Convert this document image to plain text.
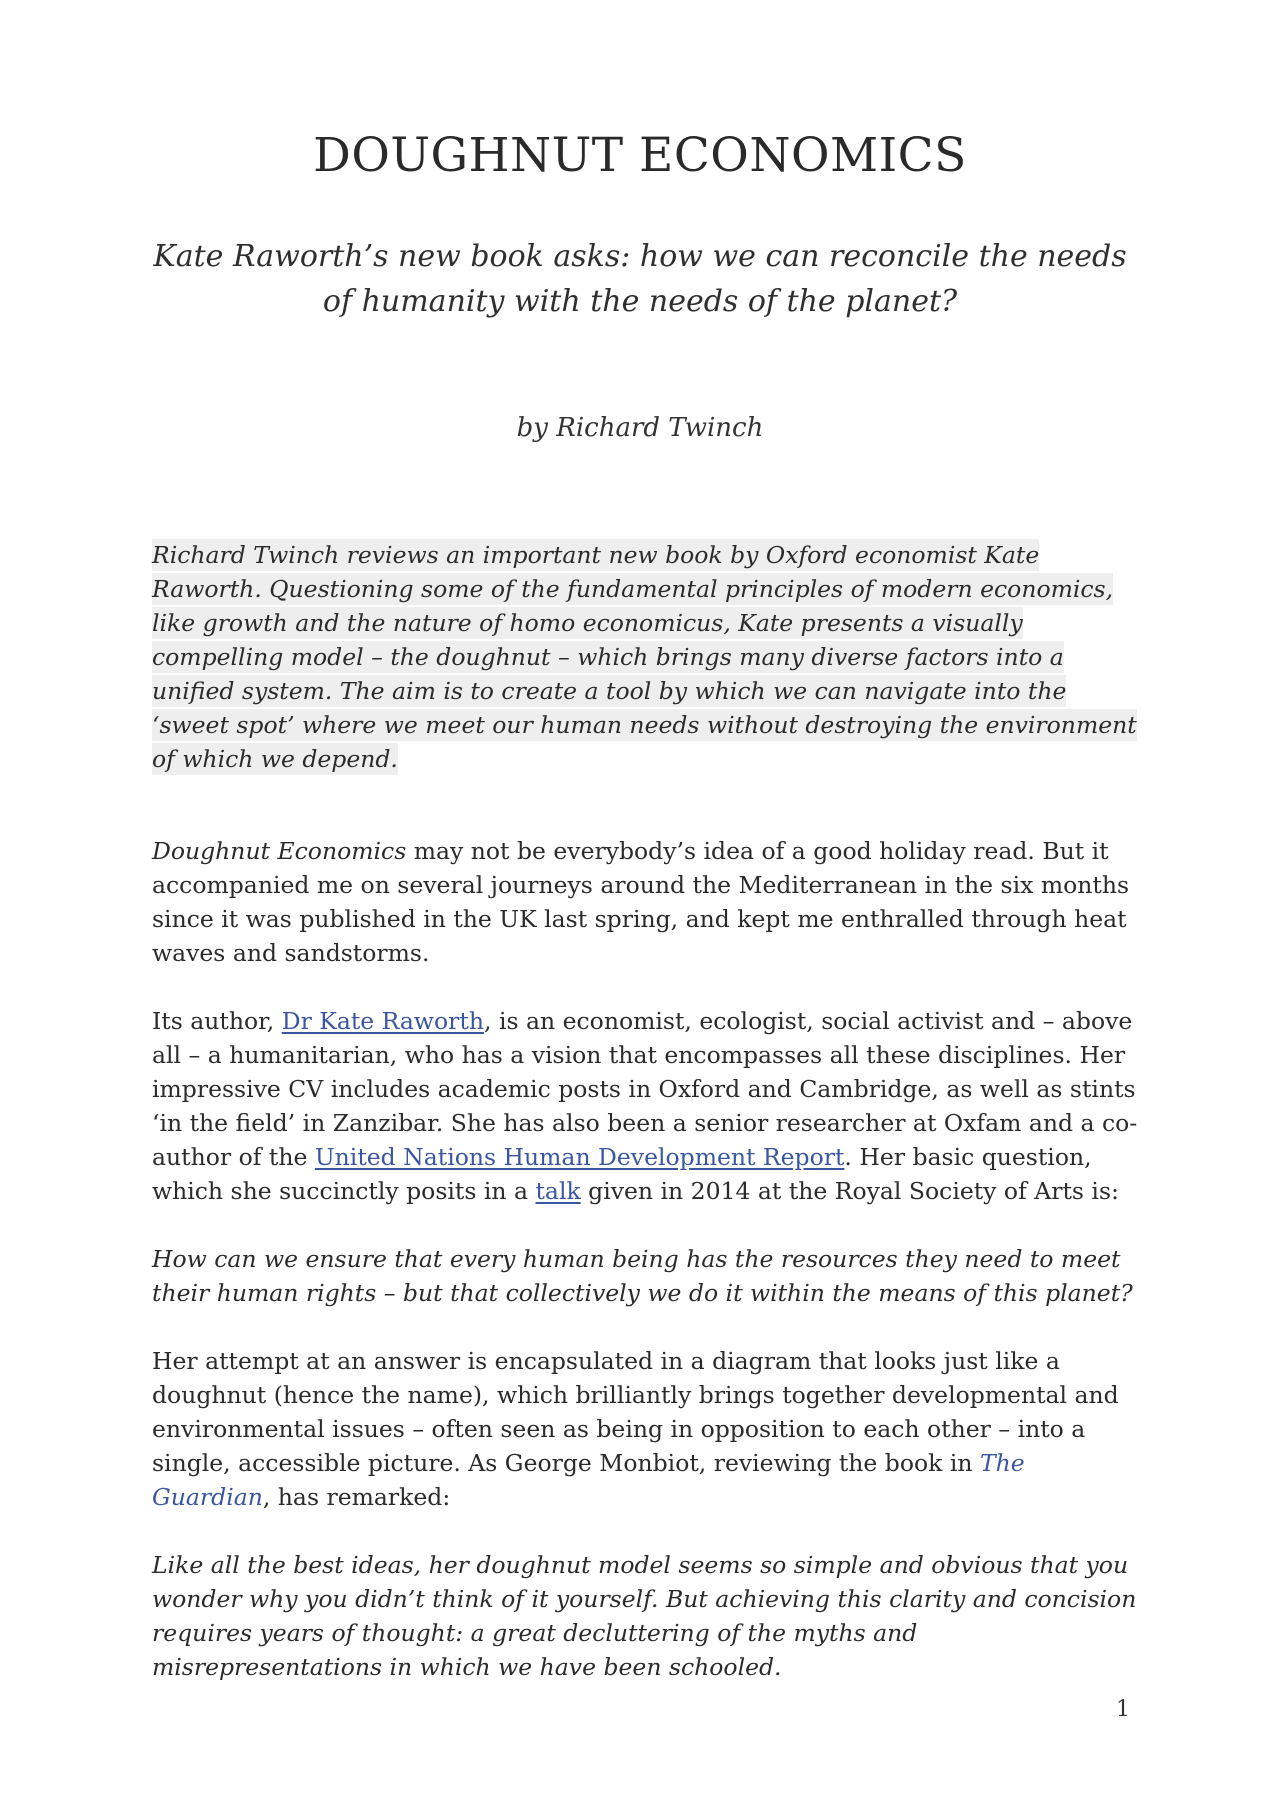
DOUGHNUT ECONOMICS

Kate Raworth’s new book asks: how we can reconcile the needs of humanity with the needs of the planet?

by Richard Twinch

Richard Twinch reviews an important new book by Oxford economist Kate Raworth. Questioning some of the fundamental principles of modern economics, like growth and the nature of homo economicus, Kate presents a visually compelling model – the doughnut – which brings many diverse factors into a unified system. The aim is to create a tool by which we can navigate into the ‘sweet spot’ where we meet our human needs without destroying the environment of which we depend.

Doughnut Economics may not be everybody’s idea of a good holiday read. But it accompanied me on several journeys around the Mediterranean in the six months since it was published in the UK last spring, and kept me enthralled through heat waves and sandstorms.

Its author, Dr Kate Raworth, is an economist, ecologist, social activist and – above all – a humanitarian, who has a vision that encompasses all these disciplines. Her impressive CV includes academic posts in Oxford and Cambridge, as well as stints ‘in the field’ in Zanzibar. She has also been a senior researcher at Oxfam and a co-author of the United Nations Human Development Report. Her basic question, which she succinctly posits in a talk given in 2014 at the Royal Society of Arts is:

How can we ensure that every human being has the resources they need to meet their human rights – but that collectively we do it within the means of this planet?

Her attempt at an answer is encapsulated in a diagram that looks just like a doughnut (hence the name), which brilliantly brings together developmental and environmental issues – often seen as being in opposition to each other – into a single, accessible picture. As George Monbiot, reviewing the book in The Guardian, has remarked:

Like all the best ideas, her doughnut model seems so simple and obvious that you wonder why you didn’t think of it yourself. But achieving this clarity and concision requires years of thought: a great decluttering of the myths and misrepresentations in which we have been schooled.

1
